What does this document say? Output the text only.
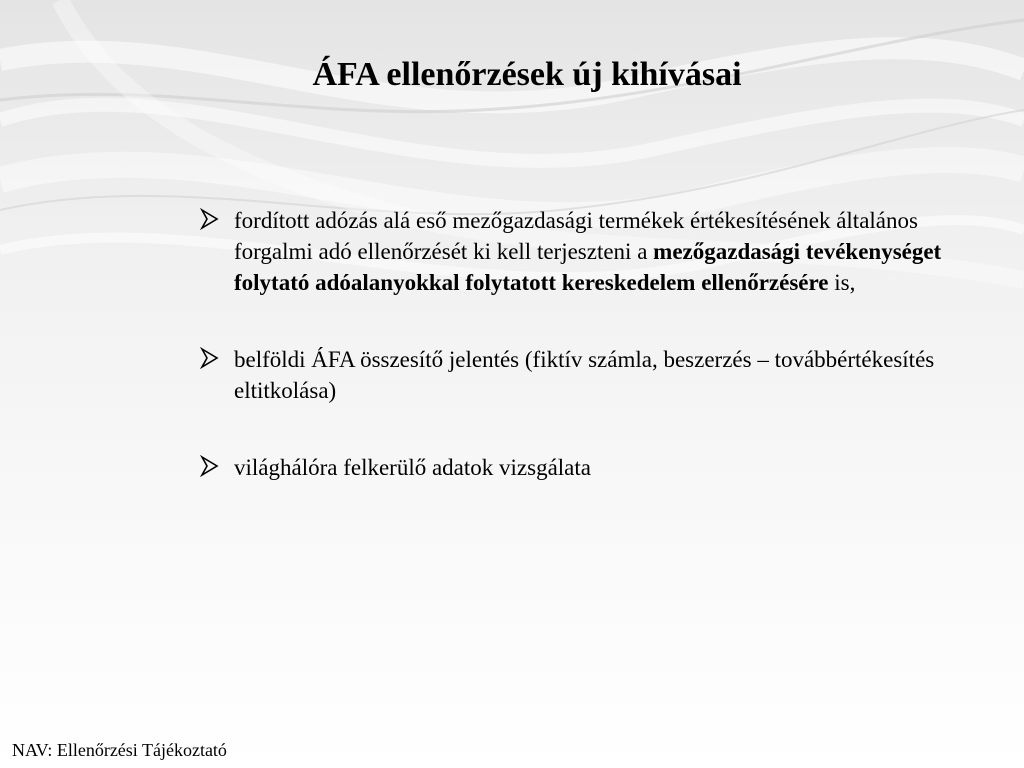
ÁFA ellenőrzések új kihívásai
fordított adózás alá eső mezőgazdasági termékek értékesítésének általános forgalmi adó ellenőrzését ki kell terjeszteni a mezőgazdasági tevékenységet folytató adóalanyokkal folytatott kereskedelem ellenőrzésére is,
belföldi ÁFA összesítő jelentés (fiktív számla, beszerzés – továbbértékesítés eltitkolása)
világhálóra felkerülő adatok vizsgálata

NAV: Ellenőrzési Tájékoztató
